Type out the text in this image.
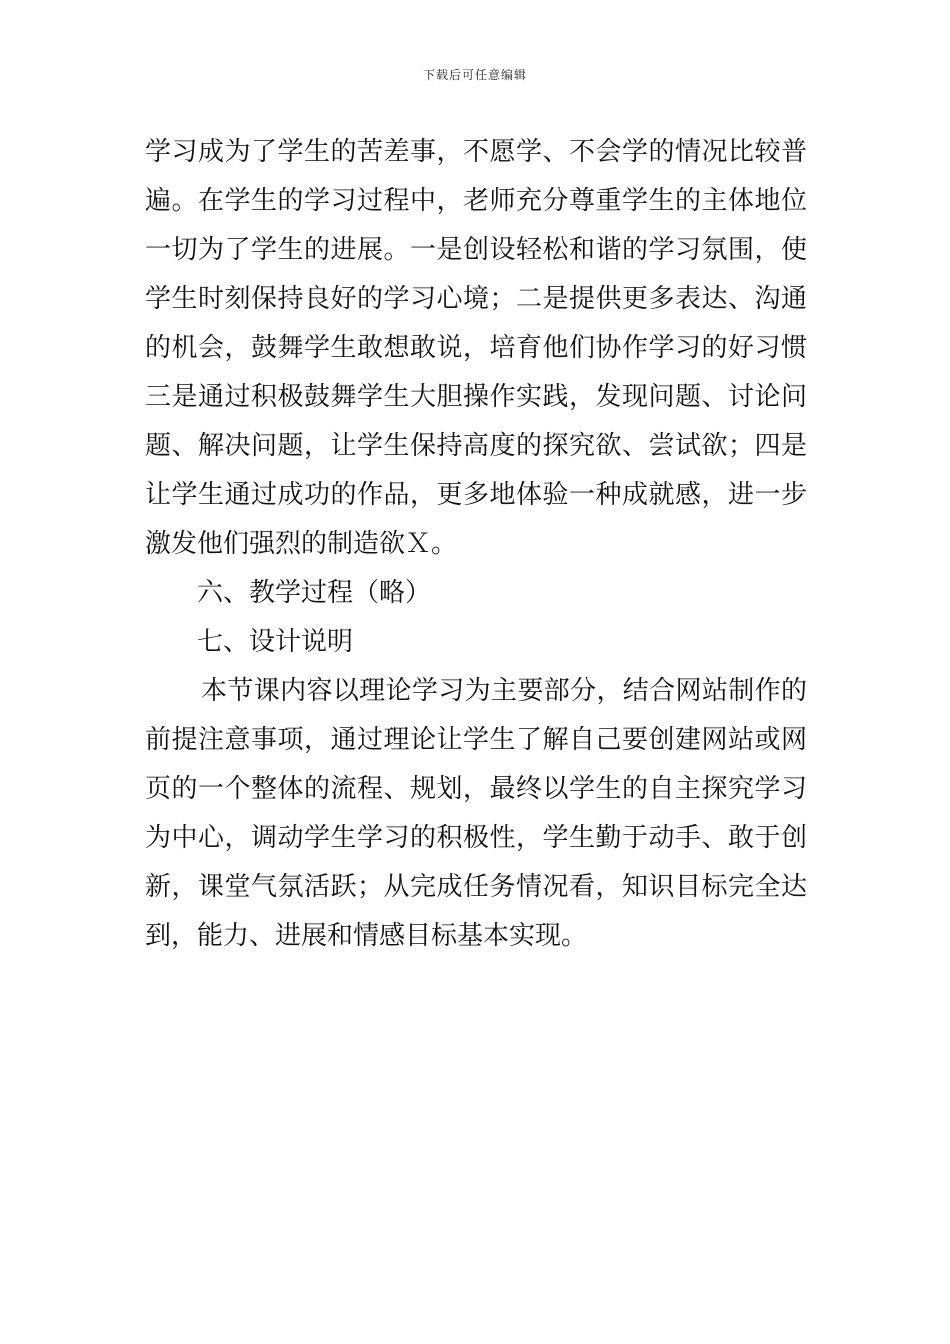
下载后可任意编辑
学习成为了学生的苦差事，不愿学、不会学的情况比较普
遍。在学生的学习过程中，老师充分尊重学生的主体地位
一切为了学生的进展。一是创设轻松和谐的学习氛围，使
学生时刻保持良好的学习心境；二是提供更多表达、沟通
的机会，鼓舞学生敢想敢说，培育他们协作学习的好习惯
三是通过积极鼓舞学生大胆操作实践，发现问题、讨论问
题、解决问题，让学生保持高度的探究欲、尝试欲；四是
让学生通过成功的作品，更多地体验一种成就感，进一步
激发他们强烈的制造欲Ｘ。
六、教学过程（略）
七、设计说明
本节课内容以理论学习为主要部分，结合网站制作的
前提注意事项，通过理论让学生了解自己要创建网站或网
页的一个整体的流程、规划，最终以学生的自主探究学习
为中心，调动学生学习的积极性，学生勤于动手、敢于创
新，课堂气氛活跃；从完成任务情况看，知识目标完全达
到，能力、进展和情感目标基本实现。
